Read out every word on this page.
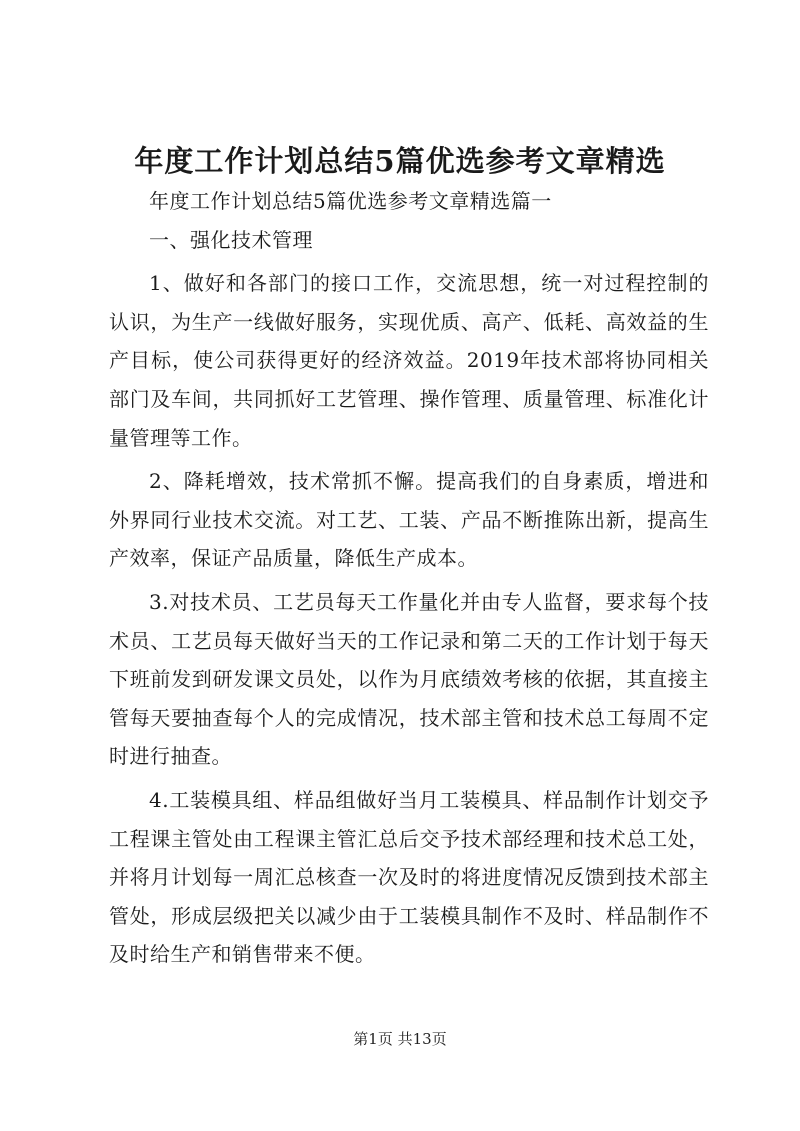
年度工作计划总结5篇优选参考文章精选

年度工作计划总结5篇优选参考文章精选篇一

一、强化技术管理

1、做好和各部门的接口工作，交流思想，统一对过程控制的认识，为生产一线做好服务，实现优质、高产、低耗、高效益的生产目标，使公司获得更好的经济效益。2019年技术部将协同相关部门及车间，共同抓好工艺管理、操作管理、质量管理、标准化计量管理等工作。

2、降耗增效，技术常抓不懈。提高我们的自身素质，增进和外界同行业技术交流。对工艺、工装、产品不断推陈出新，提高生产效率，保证产品质量，降低生产成本。

3.对技术员、工艺员每天工作量化并由专人监督，要求每个技术员、工艺员每天做好当天的工作记录和第二天的工作计划于每天下班前发到研发课文员处，以作为月底绩效考核的依据，其直接主管每天要抽查每个人的完成情况，技术部主管和技术总工每周不定时进行抽查。

4.工装模具组、样品组做好当月工装模具、样品制作计划交予工程课主管处由工程课主管汇总后交予技术部经理和技术总工处，并将月计划每一周汇总核查一次及时的将进度情况反馈到技术部主管处，形成层级把关以减少由于工装模具制作不及时、样品制作不及时给生产和销售带来不便。

第1页 共13页
